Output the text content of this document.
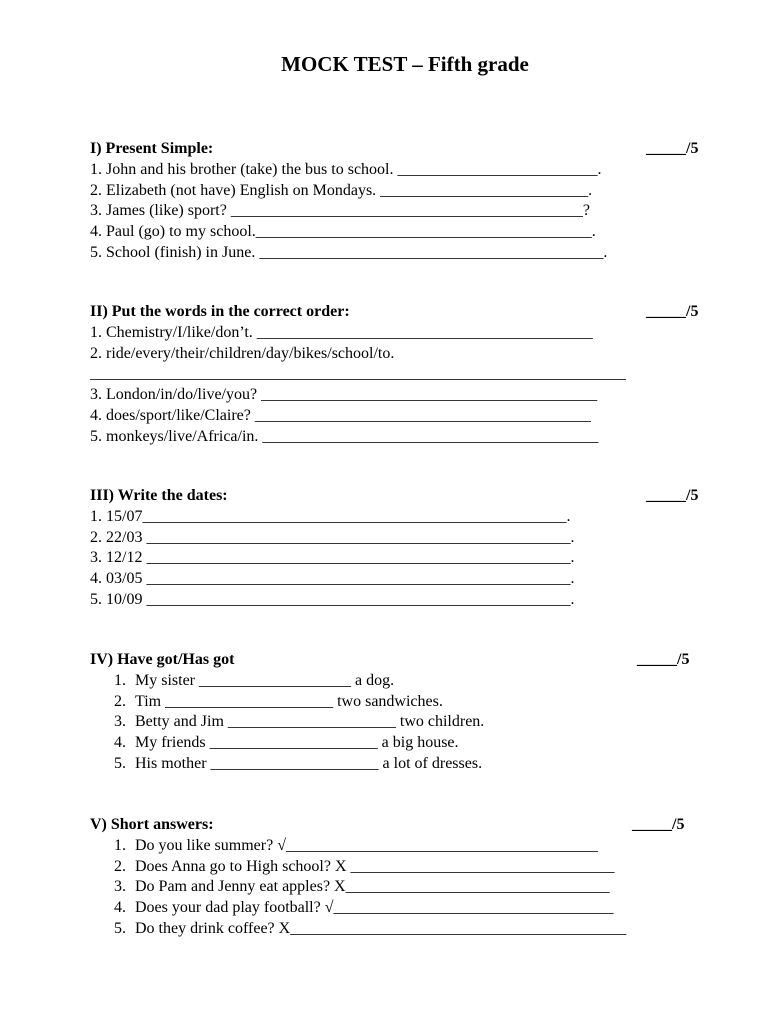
MOCK TEST – Fifth grade
I) Present Simple:	_____/5
1. John and his brother (take) the bus to school. _________________________.
2. Elizabeth (not have) English on Mondays. __________________________.
3. James (like) sport? ____________________________________________?
4. Paul (go) to my school.__________________________________________.
5. School (finish) in June. ___________________________________________.
II) Put the words in the correct order:	_____/5
1. Chemistry/I/like/don’t. __________________________________________
2. ride/every/their/children/day/bikes/school/to.
___________________________________________________________________
3. London/in/do/live/you? __________________________________________
4. does/sport/like/Claire? __________________________________________
5. monkeys/live/Africa/in. __________________________________________
III) Write the dates:	_____/5
1. 15/07_____________________________________________________.
2. 22/03 _____________________________________________________.
3. 12/12 _____________________________________________________.
4. 03/05 _____________________________________________________.
5. 10/09 _____________________________________________________.
IV) Have got/Has got	_____/5
1. My sister ___________________ a dog.
2. Tim _____________________ two sandwiches.
3. Betty and Jim _____________________ two children.
4. My friends _____________________ a big house.
5. His mother _____________________ a lot of dresses.
V) Short answers:	_____/5
1. Do you like summer? √_______________________________________
2. Does Anna go to High school? X _________________________________
3. Do Pam and Jenny eat apples? X_________________________________
4. Does your dad play football? √___________________________________
5. Do they drink coffee? X__________________________________________
